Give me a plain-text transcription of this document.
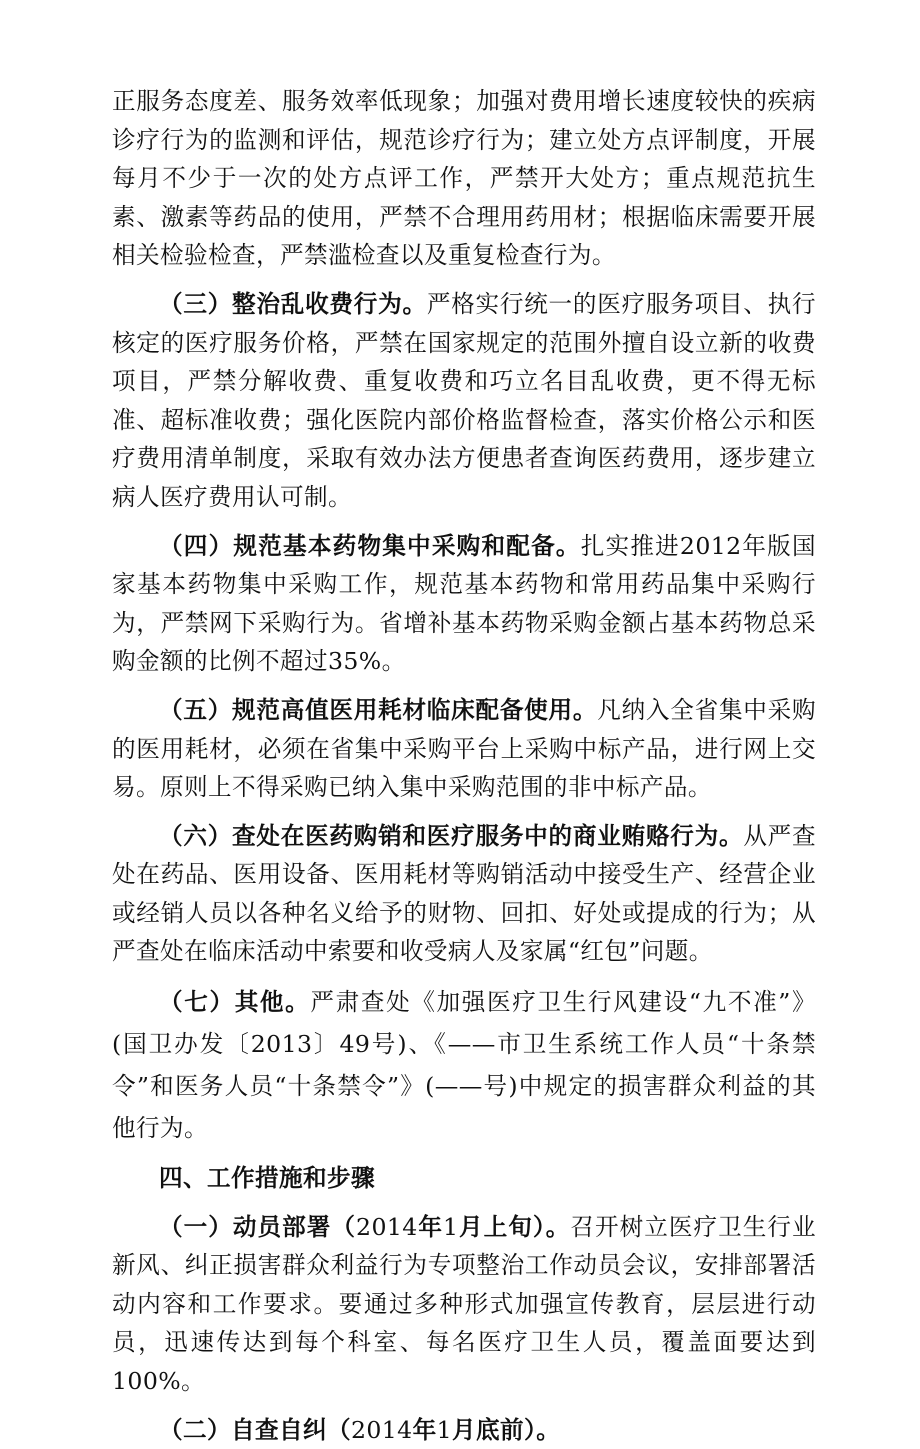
正服务态度差、服务效率低现象；加强对费用增长速度较快的疾病诊疗行为的监测和评估，规范诊疗行为；建立处方点评制度，开展每月不少于一次的处方点评工作，严禁开大处方；重点规范抗生素、激素等药品的使用，严禁不合理用药用材；根据临床需要开展相关检验检查，严禁滥检查以及重复检查行为。

（三）整治乱收费行为。严格实行统一的医疗服务项目、执行核定的医疗服务价格，严禁在国家规定的范围外擅自设立新的收费项目，严禁分解收费、重复收费和巧立名目乱收费，更不得无标准、超标准收费；强化医院内部价格监督检查，落实价格公示和医疗费用清单制度，采取有效办法方便患者查询医药费用，逐步建立病人医疗费用认可制。

（四）规范基本药物集中采购和配备。扎实推进2012年版国家基本药物集中采购工作，规范基本药物和常用药品集中采购行为，严禁网下采购行为。省增补基本药物采购金额占基本药物总采购金额的比例不超过35%。

（五）规范高值医用耗材临床配备使用。凡纳入全省集中采购的医用耗材，必须在省集中采购平台上采购中标产品，进行网上交易。原则上不得采购已纳入集中采购范围的非中标产品。

（六）查处在医药购销和医疗服务中的商业贿赂行为。从严查处在药品、医用设备、医用耗材等购销活动中接受生产、经营企业或经销人员以各种名义给予的财物、回扣、好处或提成的行为；从严查处在临床活动中索要和收受病人及家属“红包”问题。

（七）其他。严肃查处《加强医疗卫生行风建设“九不准”》(国卫办发〔2013〕49号)、《——市卫生系统工作人员“十条禁令”和医务人员“十条禁令”》(——号)中规定的损害群众利益的其他行为。

四、工作措施和步骤

（一）动员部署（2014年1月上旬）。召开树立医疗卫生行业新风、纠正损害群众利益行为专项整治工作动员会议，安排部署活动内容和工作要求。要通过多种形式加强宣传教育，层层进行动员，迅速传达到每个科室、每名医疗卫生人员，覆盖面要达到100%。

（二）自查自纠（2014年1月底前）。
